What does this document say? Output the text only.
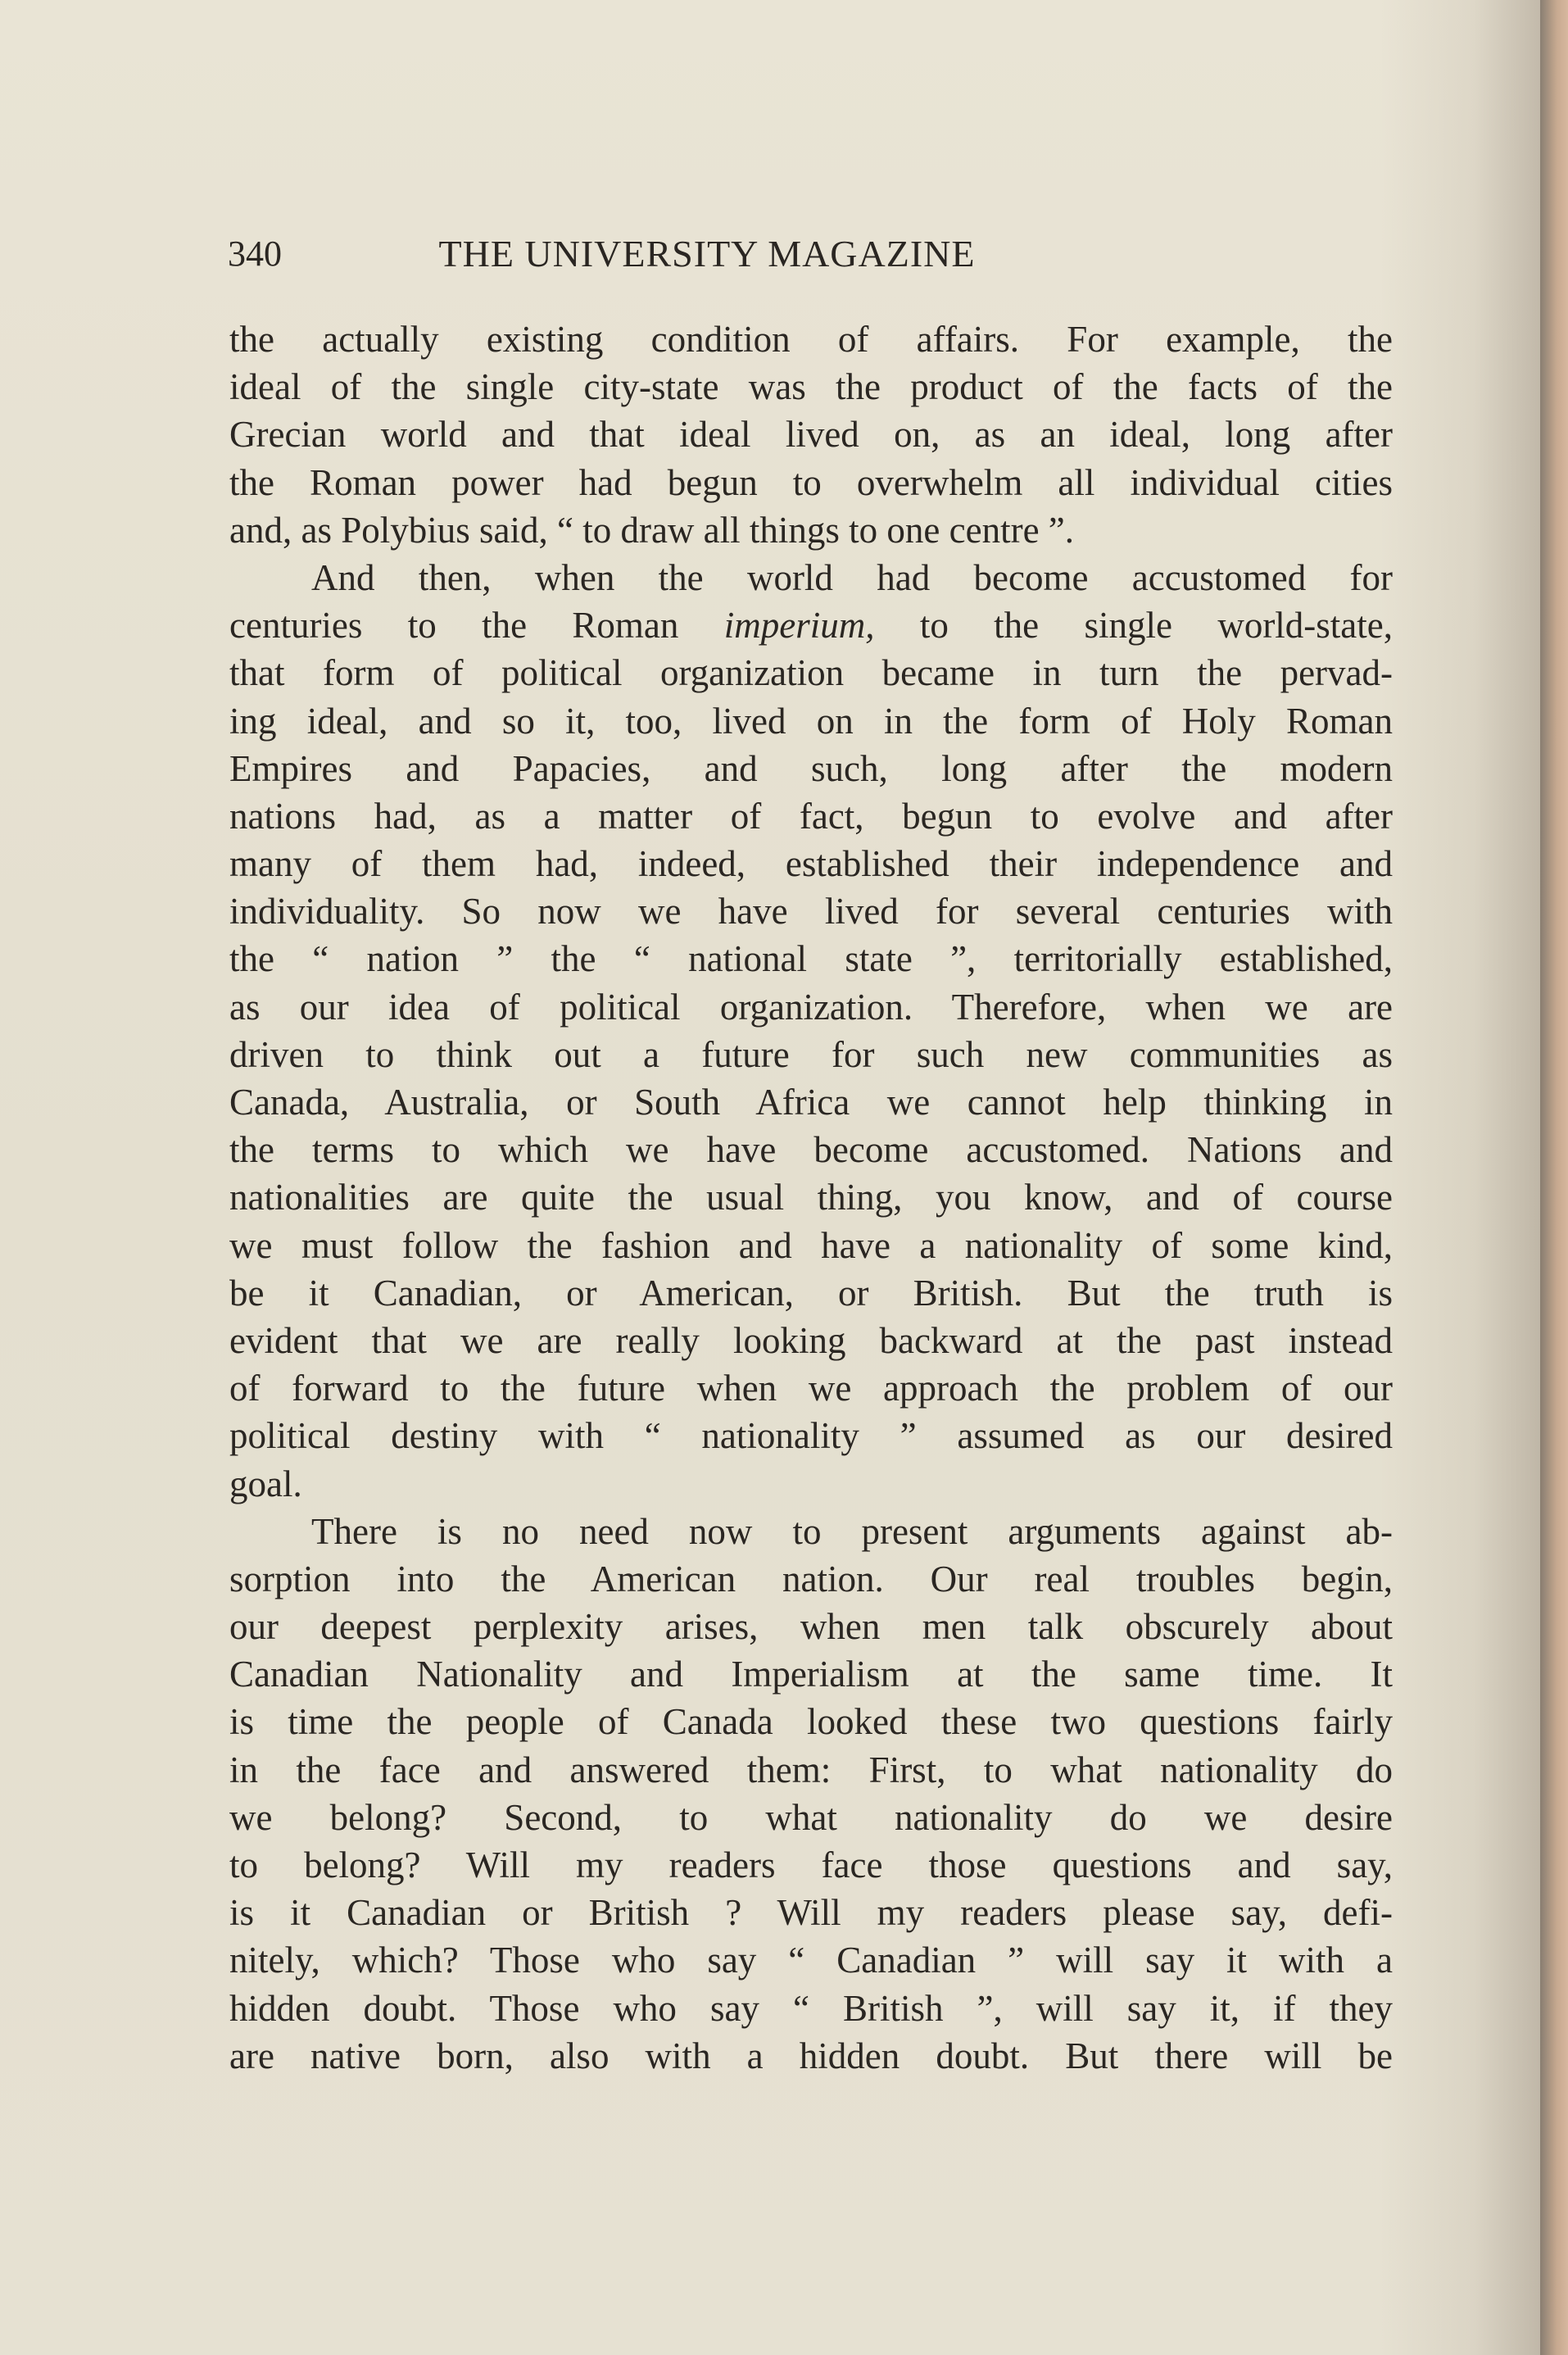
340	THE UNIVERSITY MAGAZINE
the actually existing condition of affairs. For example, the
ideal of the single city-state was the product of the facts of the
Grecian world and that ideal lived on, as an ideal, long after
the Roman power had begun to overwhelm all individual cities
and, as Polybius said, “ to draw all things to one centre ”.
And then, when the world had become accustomed for
centuries to the Roman imperium, to the single world-state,
that form of political organization became in turn the pervad-
ing ideal, and so it, too, lived on in the form of Holy Roman
Empires and Papacies, and such, long after the modern
nations had, as a matter of fact, begun to evolve and after
many of them had, indeed, established their independence and
individuality. So now we have lived for several centuries with
the “ nation ” the “ national state ”, territorially established,
as our idea of political organization. Therefore, when we are
driven to think out a future for such new communities as
Canada, Australia, or South Africa we cannot help thinking in
the terms to which we have become accustomed. Nations and
nationalities are quite the usual thing, you know, and of course
we must follow the fashion and have a nationality of some kind,
be it Canadian, or American, or British. But the truth is
evident that we are really looking backward at the past instead
of forward to the future when we approach the problem of our
political destiny with “ nationality ” assumed as our desired
goal.
There is no need now to present arguments against ab-
sorption into the American nation. Our real troubles begin,
our deepest perplexity arises, when men talk obscurely about
Canadian Nationality and Imperialism at the same time. It
is time the people of Canada looked these two questions fairly
in the face and answered them: First, to what nationality do
we belong? Second, to what nationality do we desire
to belong? Will my readers face those questions and say,
is it Canadian or British ? Will my readers please say, defi-
nitely, which? Those who say “ Canadian ” will say it with a
hidden doubt. Those who say “ British ”, will say it, if they
are native born, also with a hidden doubt. But there will be
